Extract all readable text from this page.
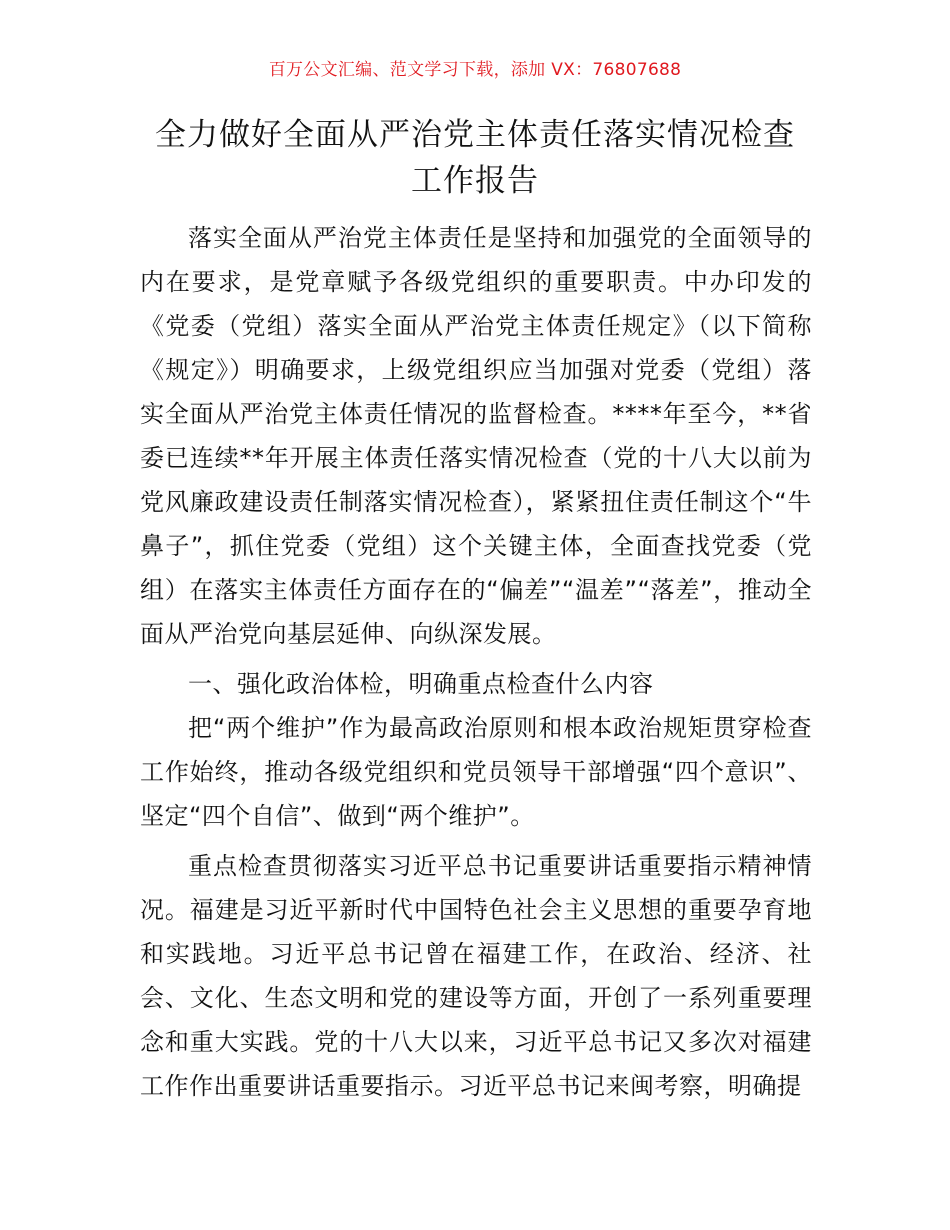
百万公文汇编、范文学习下载，添加 VX：76807688
全力做好全面从严治党主体责任落实情况检查
工作报告

落实全面从严治党主体责任是坚持和加强党的全面领导的内在要求，是党章赋予各级党组织的重要职责。中办印发的《党委（党组）落实全面从严治党主体责任规定》（以下简称《规定》）明确要求，上级党组织应当加强对党委（党组）落实全面从严治党主体责任情况的监督检查。****年至今，**省委已连续**年开展主体责任落实情况检查（党的十八大以前为党风廉政建设责任制落实情况检查），紧紧扭住责任制这个“牛鼻子”，抓住党委（党组）这个关键主体，全面查找党委（党组）在落实主体责任方面存在的“偏差”“温差”“落差”，推动全面从严治党向基层延伸、向纵深发展。

一、强化政治体检，明确重点检查什么内容

把“两个维护”作为最高政治原则和根本政治规矩贯穿检查工作始终，推动各级党组织和党员领导干部增强“四个意识”、坚定“四个自信”、做到“两个维护”。

重点检查贯彻落实习近平总书记重要讲话重要指示精神情况。福建是习近平新时代中国特色社会主义思想的重要孕育地和实践地。习近平总书记曾在福建工作，在政治、经济、社会、文化、生态文明和党的建设等方面，开创了一系列重要理念和重大实践。党的十八大以来，习近平总书记又多次对福建工作作出重要讲话重要指示。习近平总书记来闽考察，明确提
